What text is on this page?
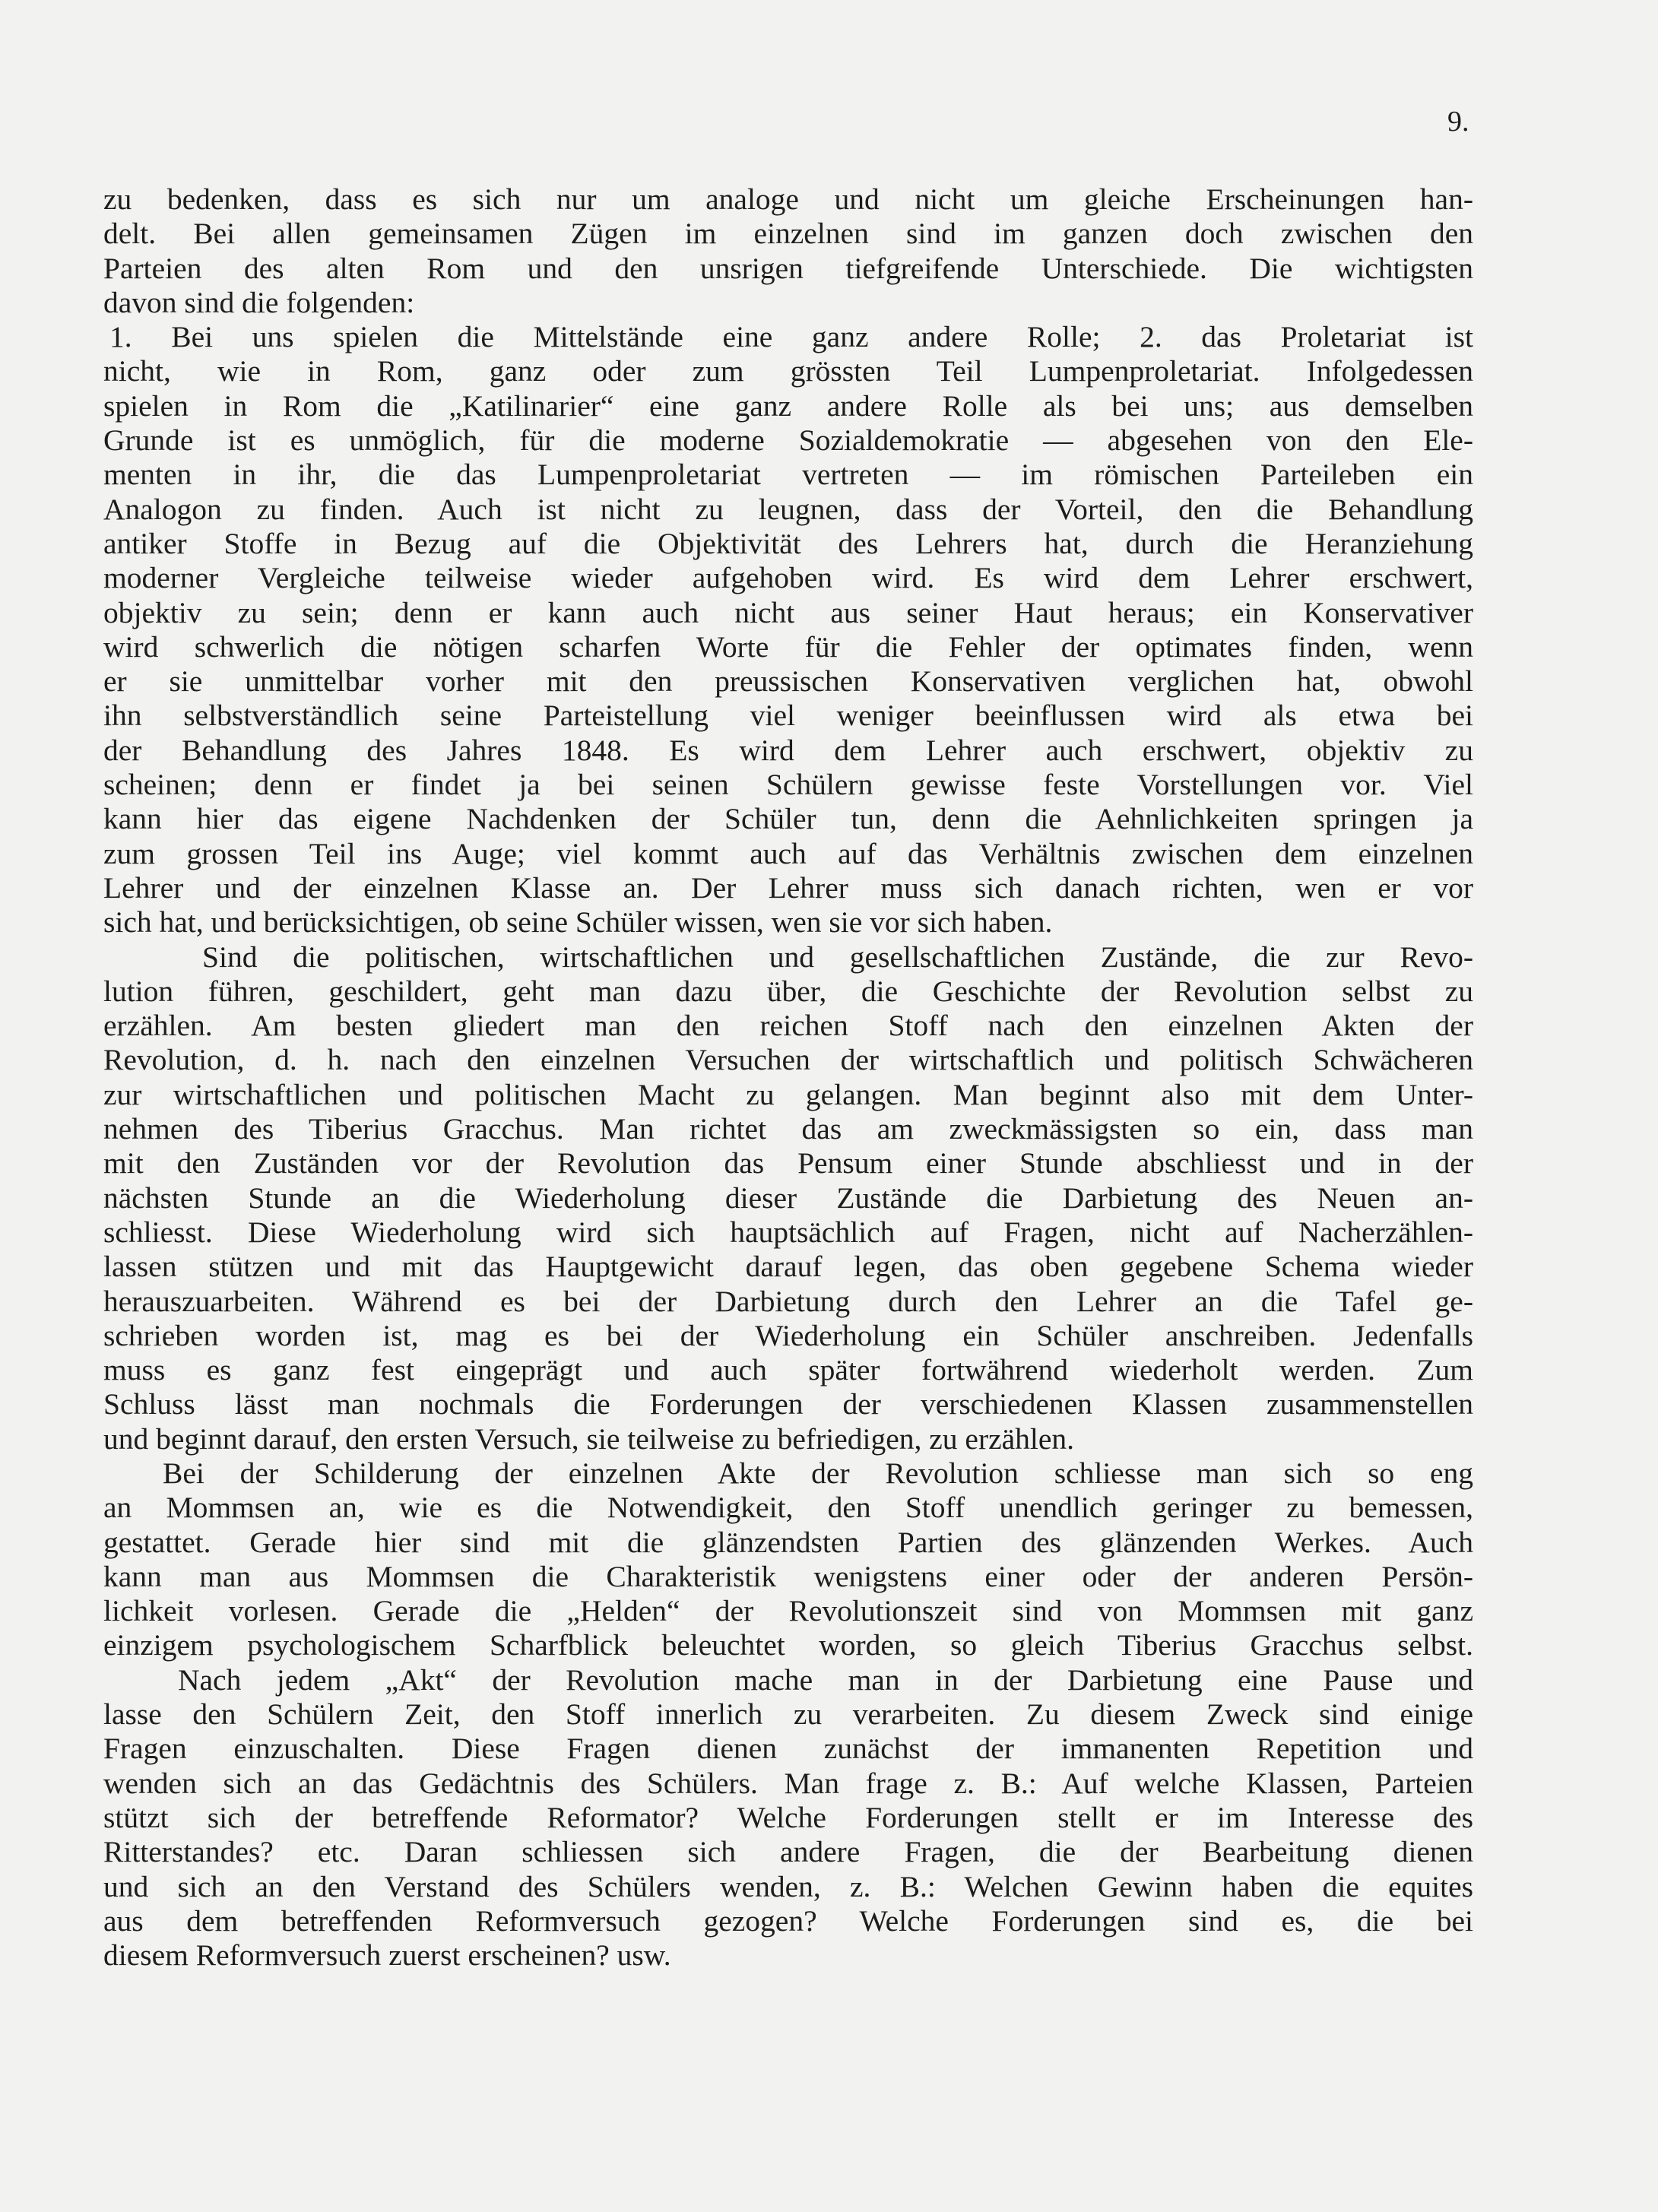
9.

zu bedenken, dass es sich nur um analoge und nicht um gleiche Erscheinungen han-
delt. Bei allen gemeinsamen Zügen im einzelnen sind im ganzen doch zwischen den
Parteien des alten Rom und den unsrigen tiefgreifende Unterschiede. Die wichtigsten
davon sind die folgenden:

1. Bei uns spielen die Mittelstände eine ganz andere Rolle; 2. das Proletariat ist
nicht, wie in Rom, ganz oder zum grössten Teil Lumpenproletariat. Infolgedessen
spielen in Rom die „Katilinarier“ eine ganz andere Rolle als bei uns; aus demselben
Grunde ist es unmöglich, für die moderne Sozialdemokratie — abgesehen von den Ele-
menten in ihr, die das Lumpenproletariat vertreten — im römischen Parteileben ein
Analogon zu finden. Auch ist nicht zu leugnen, dass der Vorteil, den die Behandlung
antiker Stoffe in Bezug auf die Objektivität des Lehrers hat, durch die Heranziehung
moderner Vergleiche teilweise wieder aufgehoben wird. Es wird dem Lehrer erschwert,
objektiv zu sein; denn er kann auch nicht aus seiner Haut heraus; ein Konservativer
wird schwerlich die nötigen scharfen Worte für die Fehler der optimates finden, wenn
er sie unmittelbar vorher mit den preussischen Konservativen verglichen hat, obwohl
ihn selbstverständlich seine Parteistellung viel weniger beeinflussen wird als etwa bei
der Behandlung des Jahres 1848. Es wird dem Lehrer auch erschwert, objektiv zu
scheinen; denn er findet ja bei seinen Schülern gewisse feste Vorstellungen vor. Viel
kann hier das eigene Nachdenken der Schüler tun, denn die Aehnlichkeiten springen ja
zum grossen Teil ins Auge; viel kommt auch auf das Verhältnis zwischen dem einzelnen
Lehrer und der einzelnen Klasse an. Der Lehrer muss sich danach richten, wen er vor
sich hat, und berücksichtigen, ob seine Schüler wissen, wen sie vor sich haben.

Sind die politischen, wirtschaftlichen und gesellschaftlichen Zustände, die zur Revo-
lution führen, geschildert, geht man dazu über, die Geschichte der Revolution selbst zu
erzählen. Am besten gliedert man den reichen Stoff nach den einzelnen Akten der
Revolution, d. h. nach den einzelnen Versuchen der wirtschaftlich und politisch Schwächeren
zur wirtschaftlichen und politischen Macht zu gelangen. Man beginnt also mit dem Unter-
nehmen des Tiberius Gracchus. Man richtet das am zweckmässigsten so ein, dass man
mit den Zuständen vor der Revolution das Pensum einer Stunde abschliesst und in der
nächsten Stunde an die Wiederholung dieser Zustände die Darbietung des Neuen an-
schliesst. Diese Wiederholung wird sich hauptsächlich auf Fragen, nicht auf Nacherzählen-
lassen stützen und mit das Hauptgewicht darauf legen, das oben gegebene Schema wieder
herauszuarbeiten. Während es bei der Darbietung durch den Lehrer an die Tafel ge-
schrieben worden ist, mag es bei der Wiederholung ein Schüler anschreiben. Jedenfalls
muss es ganz fest eingeprägt und auch später fortwährend wiederholt werden. Zum
Schluss lässt man nochmals die Forderungen der verschiedenen Klassen zusammenstellen
und beginnt darauf, den ersten Versuch, sie teilweise zu befriedigen, zu erzählen.

Bei der Schilderung der einzelnen Akte der Revolution schliesse man sich so eng
an Mommsen an, wie es die Notwendigkeit, den Stoff unendlich geringer zu bemessen,
gestattet. Gerade hier sind mit die glänzendsten Partien des glänzenden Werkes. Auch
kann man aus Mommsen die Charakteristik wenigstens einer oder der anderen Persön-
lichkeit vorlesen. Gerade die „Helden“ der Revolutionszeit sind von Mommsen mit ganz
einzigem psychologischem Scharfblick beleuchtet worden, so gleich Tiberius Gracchus selbst.

Nach jedem „Akt“ der Revolution mache man in der Darbietung eine Pause und
lasse den Schülern Zeit, den Stoff innerlich zu verarbeiten. Zu diesem Zweck sind einige
Fragen einzuschalten. Diese Fragen dienen zunächst der immanenten Repetition und
wenden sich an das Gedächtnis des Schülers. Man frage z. B.: Auf welche Klassen, Parteien
stützt sich der betreffende Reformator? Welche Forderungen stellt er im Interesse des
Ritterstandes? etc. Daran schliessen sich andere Fragen, die der Bearbeitung dienen
und sich an den Verstand des Schülers wenden, z. B.: Welchen Gewinn haben die equites
aus dem betreffenden Reformversuch gezogen? Welche Forderungen sind es, die bei
diesem Reformversuch zuerst erscheinen? usw.
